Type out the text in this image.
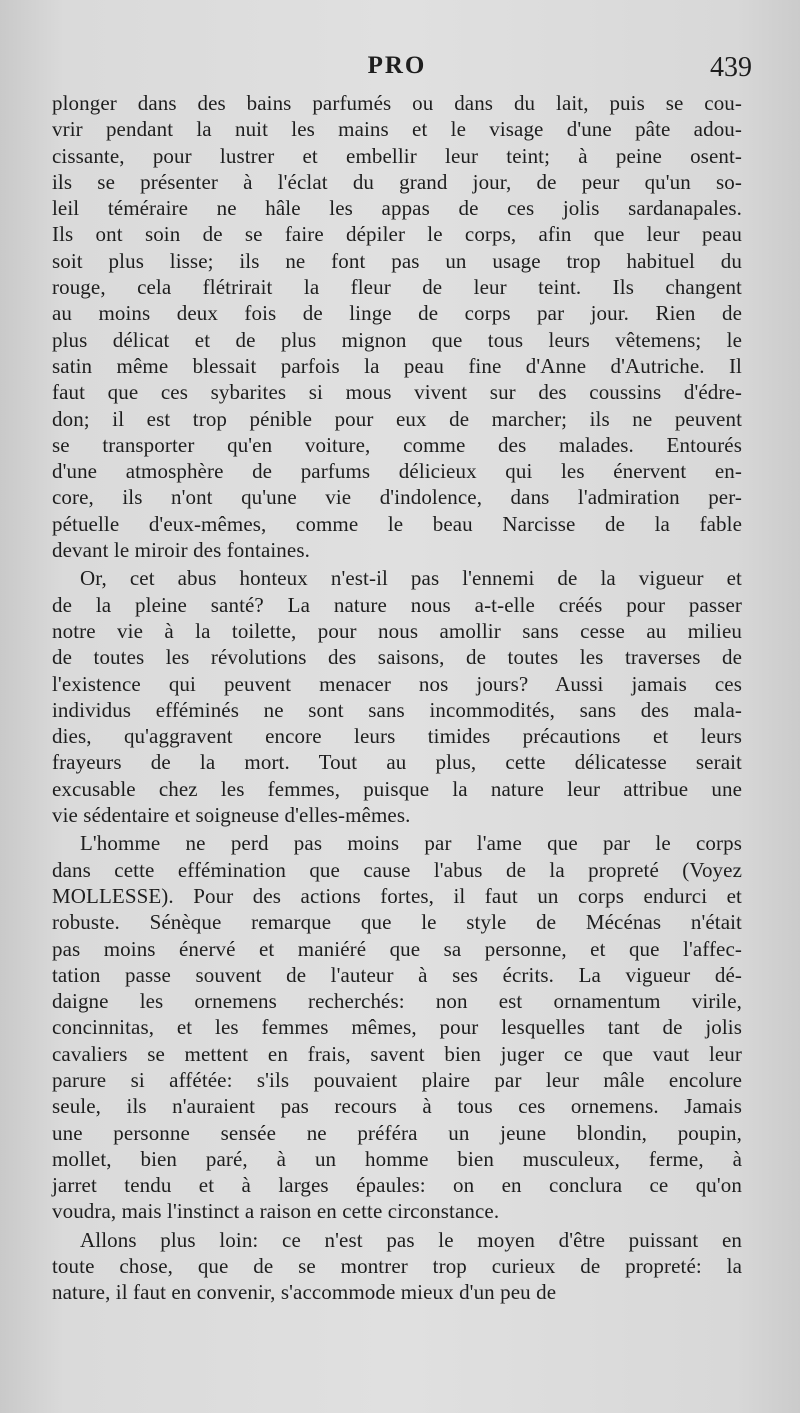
PRO	439
plonger dans des bains parfumés ou dans du lait, puis se cou-
vrir pendant la nuit les mains et le visage d'une pâte adou-
cissante, pour lustrer et embellir leur teint; à peine osent-
ils se présenter à l'éclat du grand jour, de peur qu'un so-
leil téméraire ne hâle les appas de ces jolis sardanapales.
Ils ont soin de se faire dépiler le corps, afin que leur peau
soit plus lisse; ils ne font pas un usage trop habituel du
rouge, cela flétrirait la fleur de leur teint. Ils changent
au moins deux fois de linge de corps par jour. Rien de
plus délicat et de plus mignon que tous leurs vêtemens; le
satin même blessait parfois la peau fine d'Anne d'Autriche. Il
faut que ces sybarites si mous vivent sur des coussins d'édre-
don; il est trop pénible pour eux de marcher; ils ne peuvent
se transporter qu'en voiture, comme des malades. Entourés
d'une atmosphère de parfums délicieux qui les énervent en-
core, ils n'ont qu'une vie d'indolence, dans l'admiration per-
pétuelle d'eux-mêmes, comme le beau Narcisse de la fable
devant le miroir des fontaines.
Or, cet abus honteux n'est-il pas l'ennemi de la vigueur et
de la pleine santé? La nature nous a-t-elle créés pour passer
notre vie à la toilette, pour nous amollir sans cesse au milieu
de toutes les révolutions des saisons, de toutes les traverses de
l'existence qui peuvent menacer nos jours? Aussi jamais ces
individus efféminés ne sont sans incommodités, sans des mala-
dies, qu'aggravent encore leurs timides précautions et leurs
frayeurs de la mort. Tout au plus, cette délicatesse serait
excusable chez les femmes, puisque la nature leur attribue une
vie sédentaire et soigneuse d'elles-mêmes.
L'homme ne perd pas moins par l'ame que par le corps
dans cette effémination que cause l'abus de la propreté (Voyez
MOLLESSE). Pour des actions fortes, il faut un corps endurci et
robuste. Sénèque remarque que le style de Mécénas n'était
pas moins énervé et maniéré que sa personne, et que l'affec-
tation passe souvent de l'auteur à ses écrits. La vigueur dé-
daigne les ornemens recherchés: non est ornamentum virile,
concinnitas, et les femmes mêmes, pour lesquelles tant de jolis
cavaliers se mettent en frais, savent bien juger ce que vaut leur
parure si affétée: s'ils pouvaient plaire par leur mâle encolure
seule, ils n'auraient pas recours à tous ces ornemens. Jamais
une personne sensée ne préféra un jeune blondin, poupin,
mollet, bien paré, à un homme bien musculeux, ferme, à
jarret tendu et à larges épaules: on en conclura ce qu'on
voudra, mais l'instinct a raison en cette circonstance.
Allons plus loin: ce n'est pas le moyen d'être puissant en
toute chose, que de se montrer trop curieux de propreté: la
nature, il faut en convenir, s'accommode mieux d'un peu de
